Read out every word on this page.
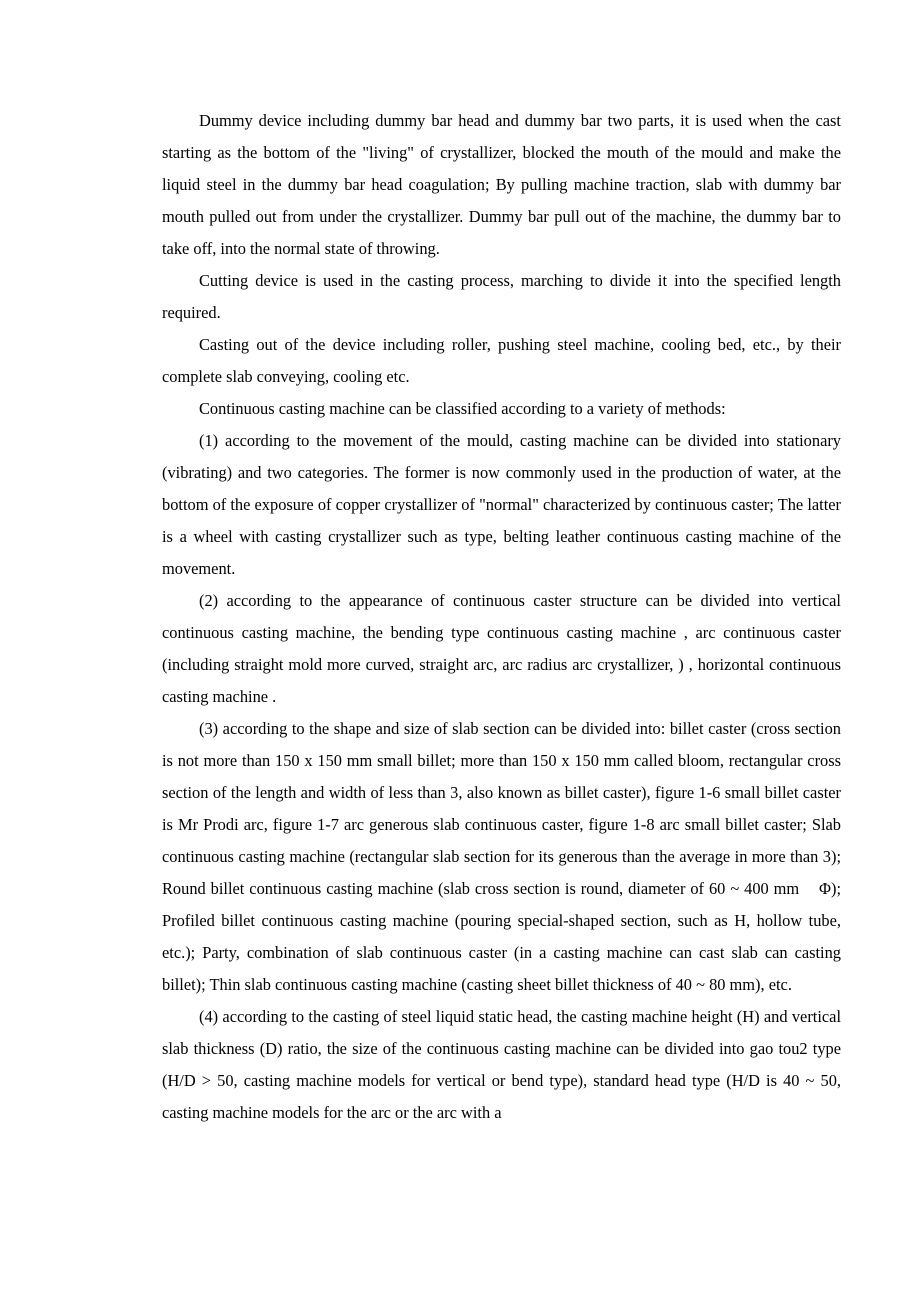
Dummy device including dummy bar head and dummy bar two parts, it is used when the cast starting as the bottom of the "living" of crystallizer, blocked the mouth of the mould and make the liquid steel in the dummy bar head coagulation; By pulling machine traction, slab with dummy bar mouth pulled out from under the crystallizer. Dummy bar pull out of the machine, the dummy bar to take off, into the normal state of throwing.

Cutting device is used in the casting process, marching to divide it into the specified length required.

Casting out of the device including roller, pushing steel machine, cooling bed, etc., by their complete slab conveying, cooling etc.

Continuous casting machine can be classified according to a variety of methods:

(1) according to the movement of the mould, casting machine can be divided into stationary (vibrating) and two categories. The former is now commonly used in the production of water, at the bottom of the exposure of copper crystallizer of "normal" characterized by continuous caster; The latter is a wheel with casting crystallizer such as type, belting leather continuous casting machine of the movement.

(2) according to the appearance of continuous caster structure can be divided into vertical continuous casting machine, the bending type continuous casting machine , arc continuous caster (including straight mold more curved, straight arc, arc radius arc crystallizer, ) , horizontal continuous casting machine .

(3) according to the shape and size of slab section can be divided into: billet caster (cross section is not more than 150 x 150 mm small billet; more than 150 x 150 mm called bloom, rectangular cross section of the length and width of less than 3, also known as billet caster), figure 1-6 small billet caster is Mr Prodi arc, figure 1-7 arc generous slab continuous caster, figure 1-8 arc small billet caster; Slab continuous casting machine (rectangular slab section for its generous than the average in more than 3); Round billet continuous casting machine (slab cross section is round, diameter of 60 ~ 400 mm    Φ); Profiled billet continuous casting machine (pouring special-shaped section, such as H, hollow tube, etc.); Party, combination of slab continuous caster (in a casting machine can cast slab can casting billet); Thin slab continuous casting machine (casting sheet billet thickness of 40 ~ 80 mm), etc.

(4) according to the casting of steel liquid static head, the casting machine height (H) and vertical slab thickness (D) ratio, the size of the continuous casting machine can be divided into gao tou2 type (H/D > 50, casting machine models for vertical or bend type), standard head type (H/D is 40 ~ 50, casting machine models for the arc or the arc with a
